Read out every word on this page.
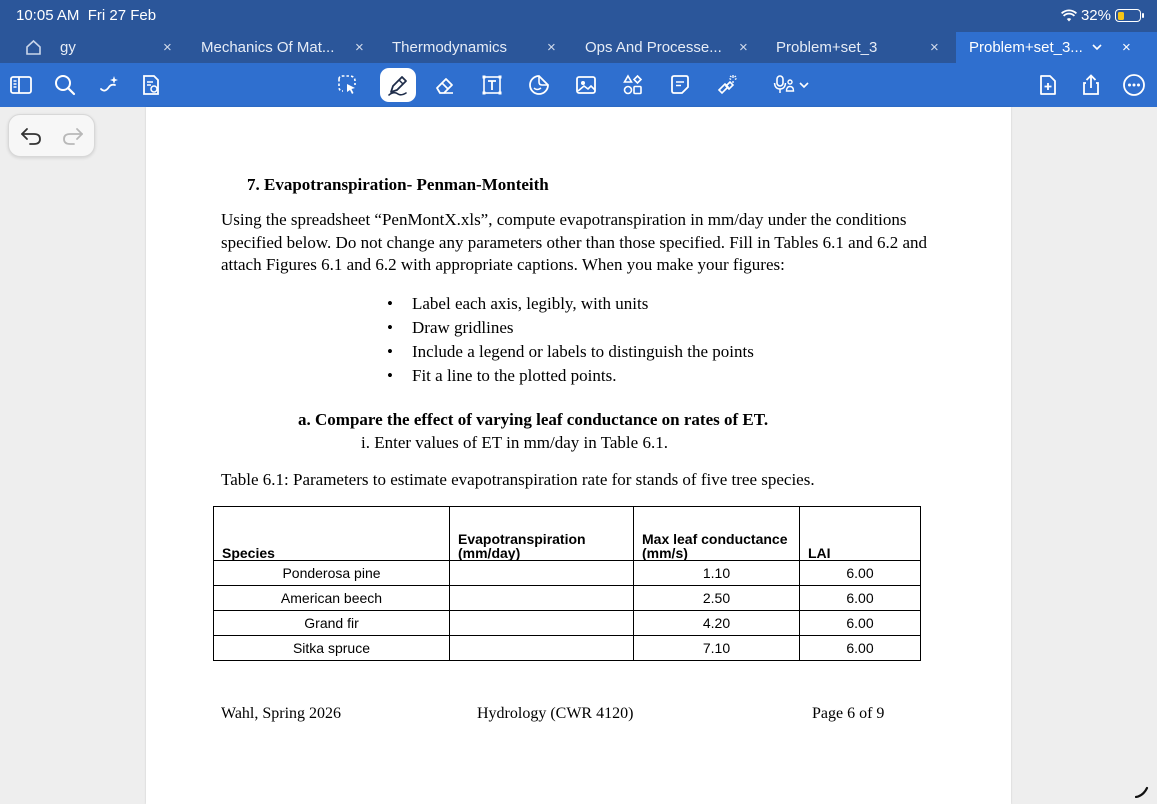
10:05 AM Fri 27 Feb	32%
gy	× Mechanics Of Mat... × Thermodynamics	× Ops And Processe... × Problem+set_3	× Problem+set_3...	×
7. Evapotranspiration- Penman-Monteith
Using the spreadsheet “PenMontX.xls”, compute evapotranspiration in mm/day under the conditions specified below. Do not change any parameters other than those specified. Fill in Tables 6.1 and 6.2 and attach Figures 6.1 and 6.2 with appropriate captions. When you make your figures:
• Label each axis, legibly, with units
• Draw gridlines
• Include a legend or labels to distinguish the points
• Fit a line to the plotted points.
a. Compare the effect of varying leaf conductance on rates of ET.
i. Enter values of ET in mm/day in Table 6.1.
Table 6.1: Parameters to estimate evapotranspiration rate for stands of five tree species.
Species	Evapotranspiration (mm/day)	Max leaf conductance (mm/s)	LAI
Ponderosa pine		1.10	6.00
American beech		2.50	6.00
Grand fir		4.20	6.00
Sitka spruce		7.10	6.00
Wahl, Spring 2026	Hydrology (CWR 4120)	Page 6 of 9
